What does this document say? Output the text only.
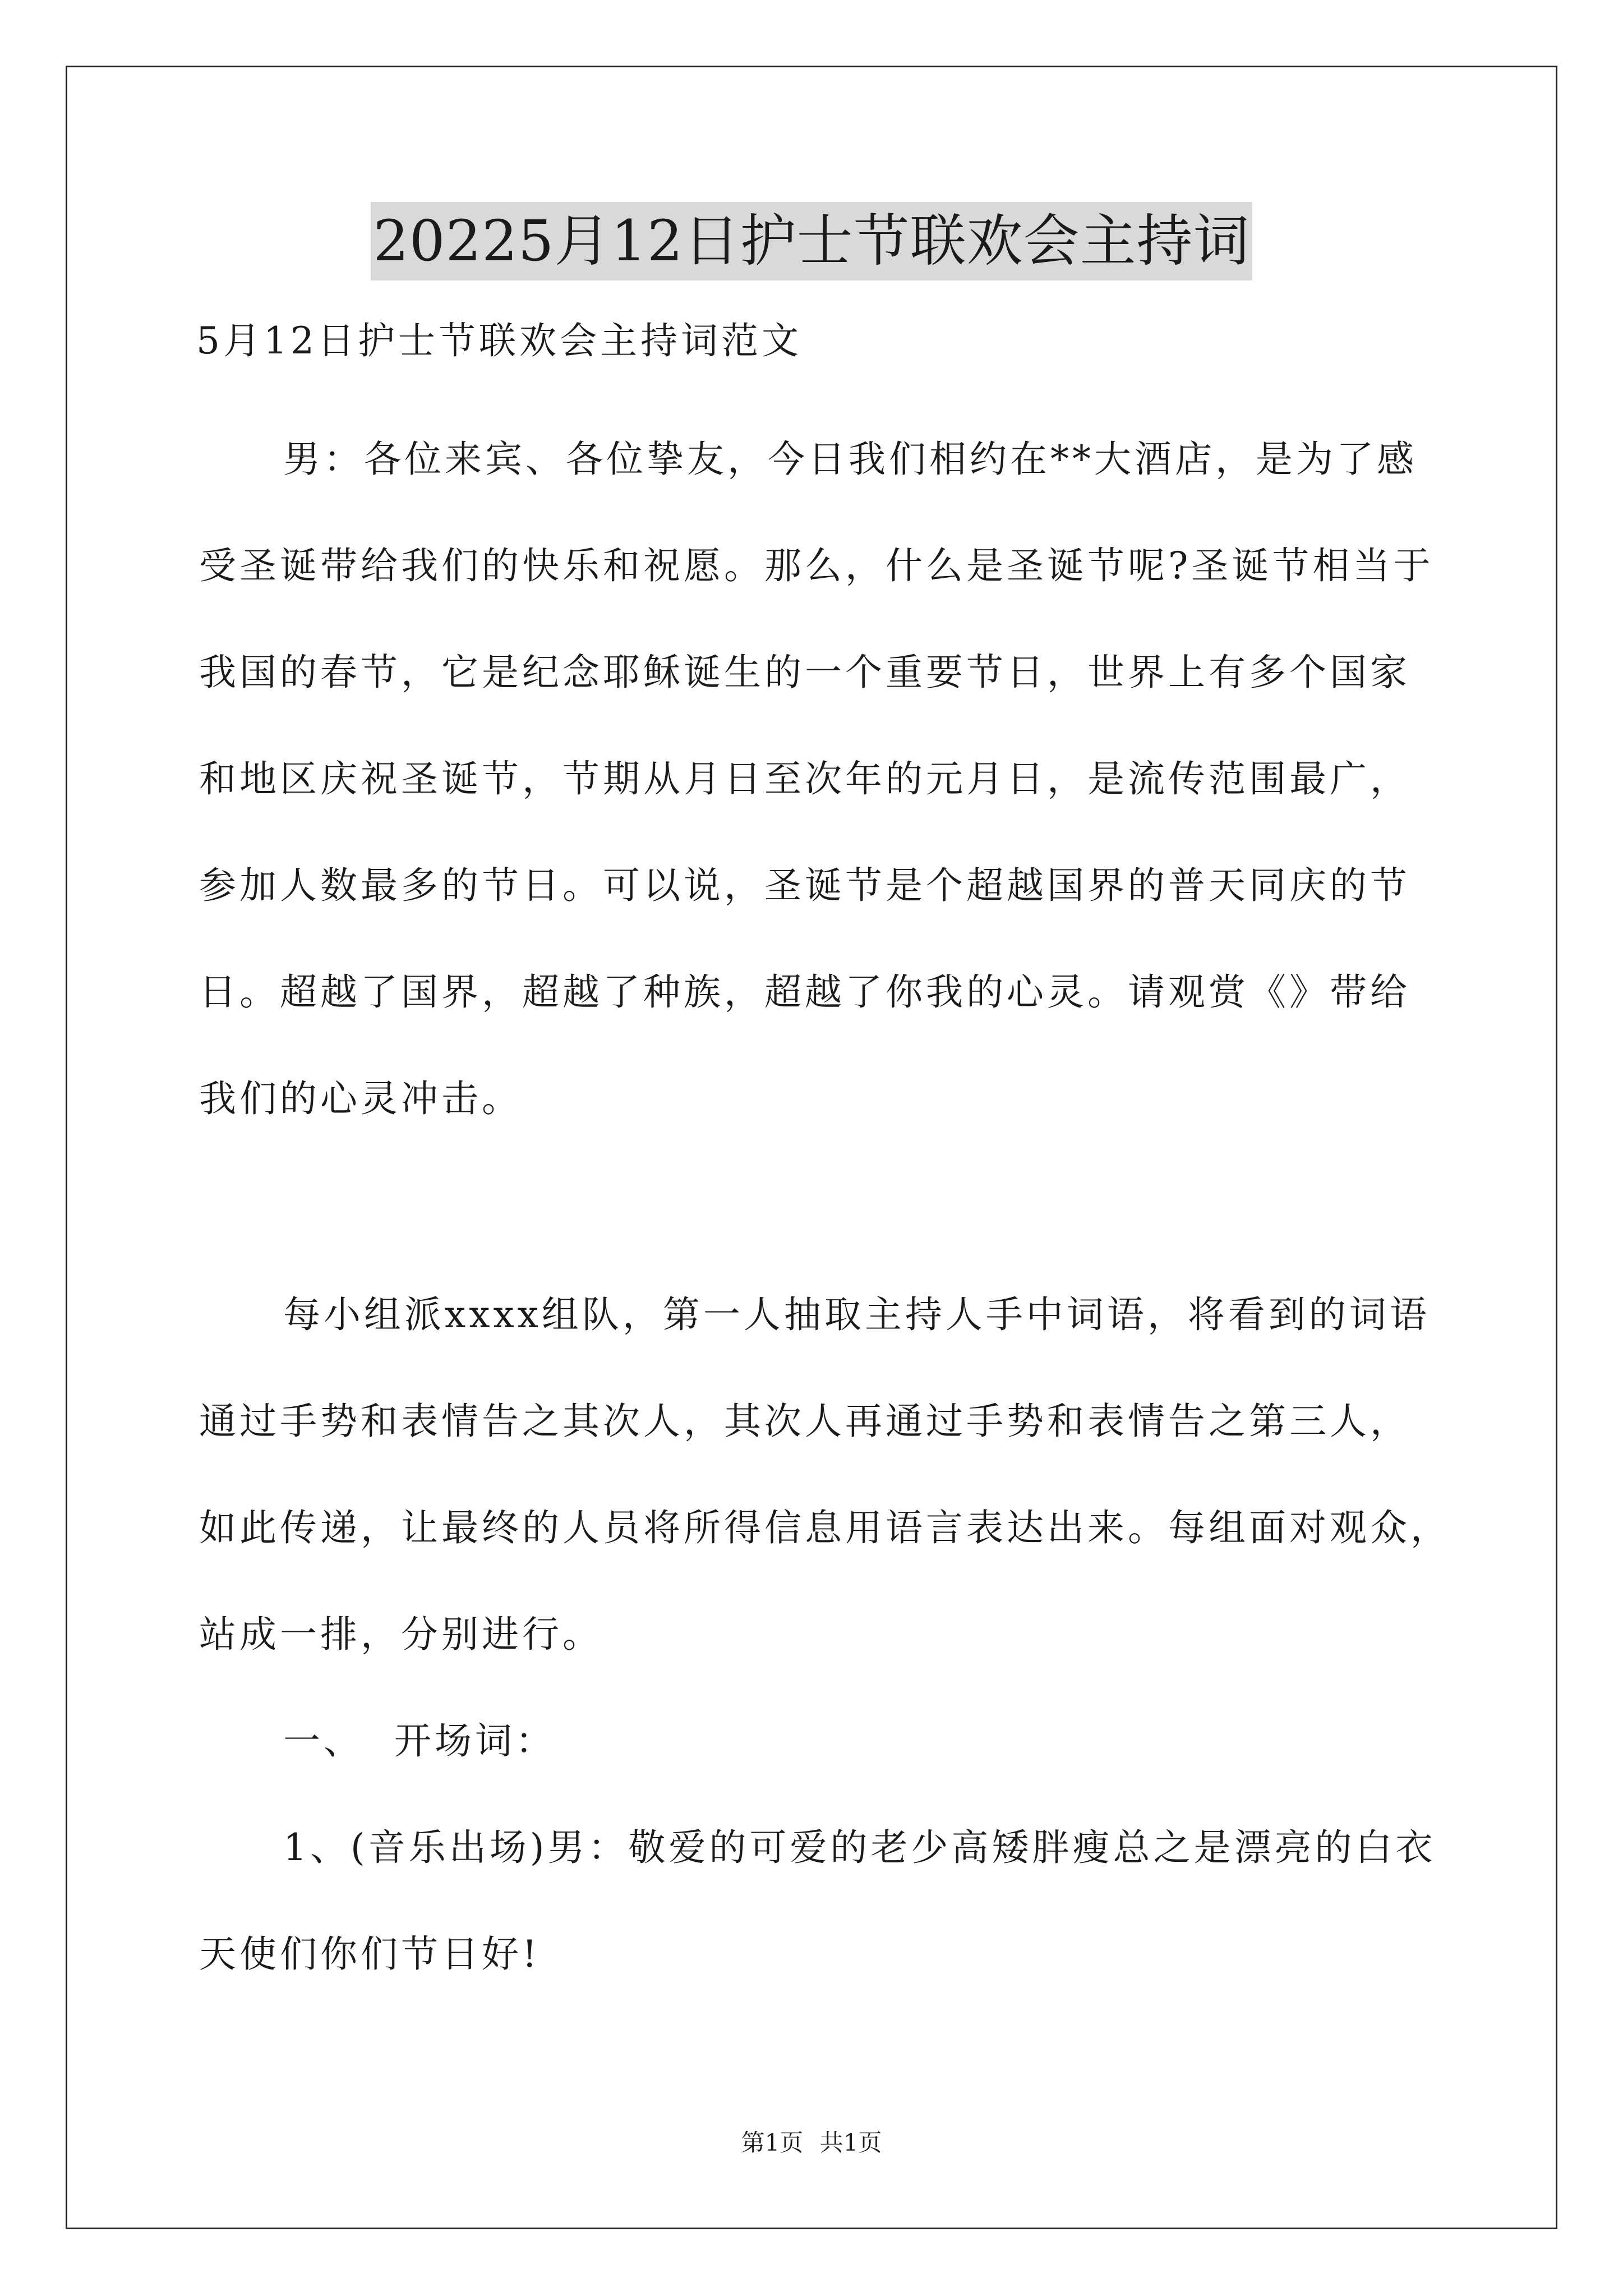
20225月12日护士节联欢会主持词
5月12日护士节联欢会主持词范文
男：各位来宾、各位挚友，今日我们相约在**大酒店，是为了感
受圣诞带给我们的快乐和祝愿。那么，什么是圣诞节呢?圣诞节相当于
我国的春节，它是纪念耶稣诞生的一个重要节日，世界上有多个国家
和地区庆祝圣诞节，节期从月日至次年的元月日，是流传范围最广，
参加人数最多的节日。可以说，圣诞节是个超越国界的普天同庆的节
日。超越了国界，超越了种族，超越了你我的心灵。请观赏《》带给
我们的心灵冲击。
每小组派xxxx组队，第一人抽取主持人手中词语，将看到的词语
通过手势和表情告之其次人，其次人再通过手势和表情告之第三人，
如此传递，让最终的人员将所得信息用语言表达出来。每组面对观众，
站成一排，分别进行。
一、  开场词：
1、(音乐出场)男：敬爱的可爱的老少高矮胖瘦总之是漂亮的白衣
天使们你们节日好!
第1页 共1页
